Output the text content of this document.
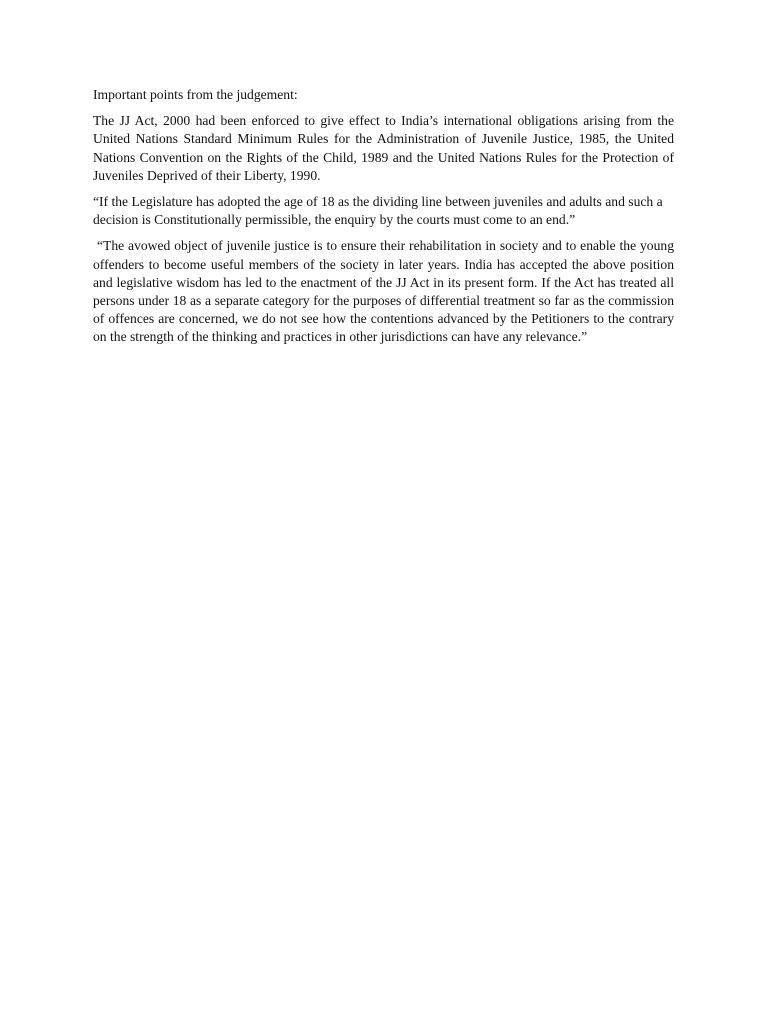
Important points from the judgement:

The JJ Act, 2000 had been enforced to give effect to India’s international obligations arising from the United Nations Standard Minimum Rules for the Administration of Juvenile Justice, 1985, the United Nations Convention on the Rights of the Child, 1989 and the United Nations Rules for the Protection of Juveniles Deprived of their Liberty, 1990.

“If the Legislature has adopted the age of 18 as the dividing line between juveniles and adults and such a decision is Constitutionally permissible, the enquiry by the courts must come to an end.”

“The avowed object of juvenile justice is to ensure their rehabilitation in society and to enable the young offenders to become useful members of the society in later years. India has accepted the above position and legislative wisdom has led to the enactment of the JJ Act in its present form. If the Act has treated all persons under 18 as a separate category for the purposes of differential treatment so far as the commission of offences are concerned, we do not see how the contentions advanced by the Petitioners to the contrary on the strength of the thinking and practices in other jurisdictions can have any relevance.”
